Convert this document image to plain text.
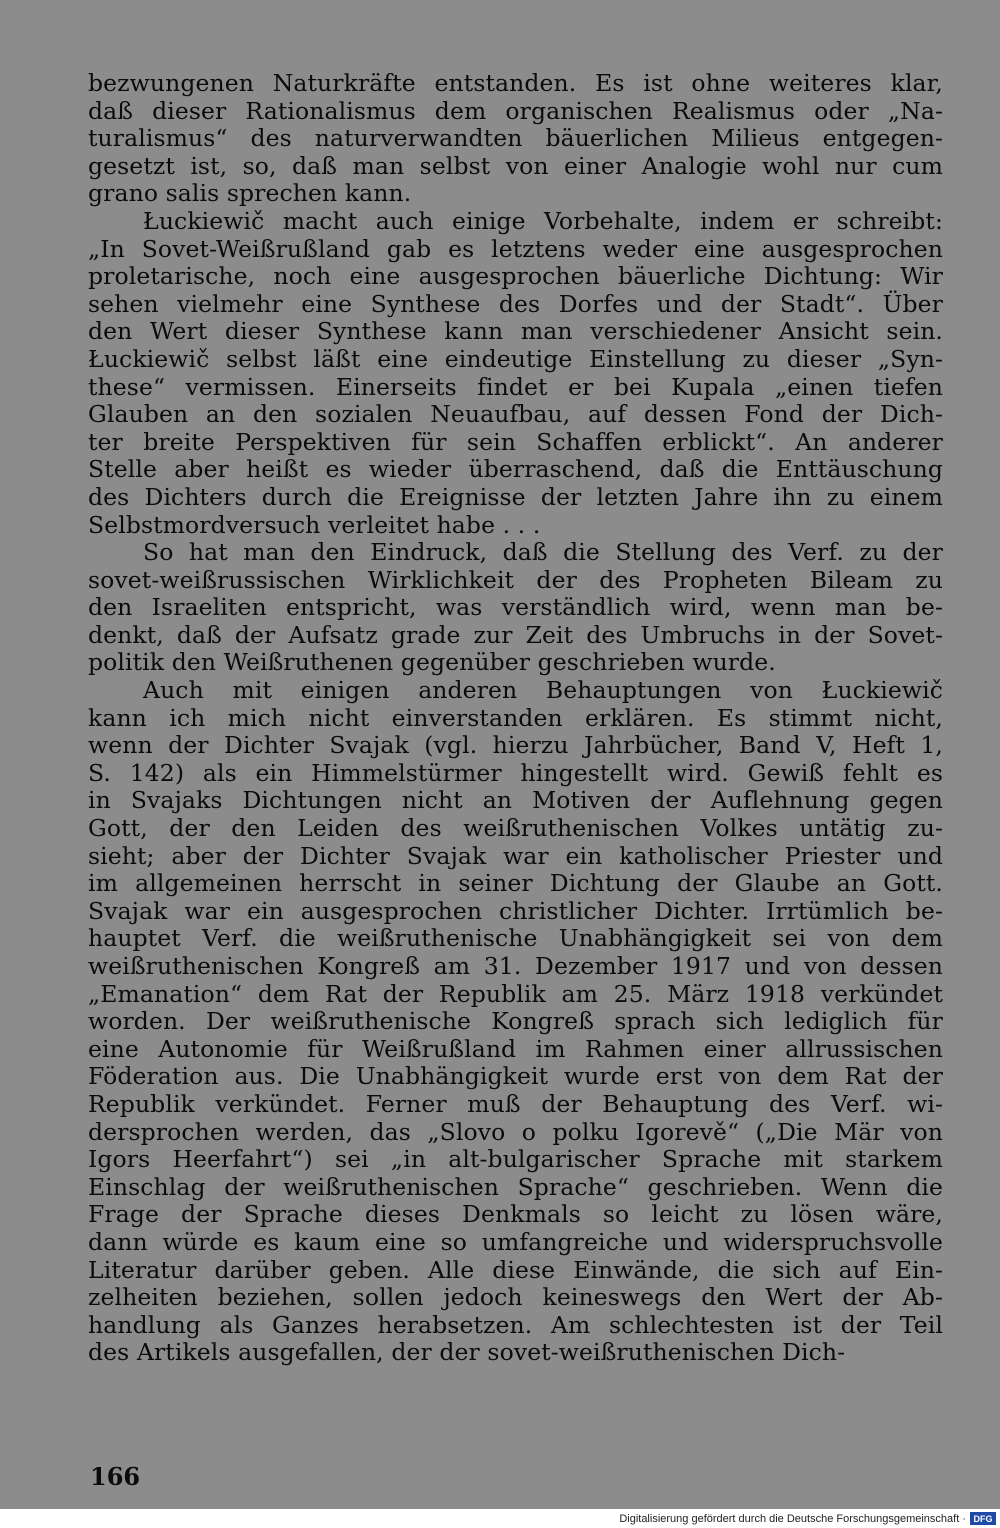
bezwungenen Naturkräfte entstanden. Es ist ohne weiteres klar,
daß dieser Rationalismus dem organischen Realismus oder „Na-
turalismus“ des naturverwandten bäuerlichen Milieus entgegen-
gesetzt ist, so, daß man selbst von einer Analogie wohl nur cum
grano salis sprechen kann.

Łuckiewič macht auch einige Vorbehalte, indem er schreibt:
„In Sovet-Weißrußland gab es letztens weder eine ausgesprochen
proletarische, noch eine ausgesprochen bäuerliche Dichtung: Wir
sehen vielmehr eine Synthese des Dorfes und der Stadt“. Über
den Wert dieser Synthese kann man verschiedener Ansicht sein.
Łuckiewič selbst läßt eine eindeutige Einstellung zu dieser „Syn-
these“ vermissen. Einerseits findet er bei Kupala „einen tiefen
Glauben an den sozialen Neuaufbau, auf dessen Fond der Dich-
ter breite Perspektiven für sein Schaffen erblickt“. An anderer
Stelle aber heißt es wieder überraschend, daß die Enttäuschung
des Dichters durch die Ereignisse der letzten Jahre ihn zu einem
Selbstmordversuch verleitet habe . . .

So hat man den Eindruck, daß die Stellung des Verf. zu der
sovet-weißrussischen Wirklichkeit der des Propheten Bileam zu
den Israeliten entspricht, was verständlich wird, wenn man be-
denkt, daß der Aufsatz grade zur Zeit des Umbruchs in der Sovet-
politik den Weißruthenen gegenüber geschrieben wurde.

Auch mit einigen anderen Behauptungen von Łuckiewič
kann ich mich nicht einverstanden erklären. Es stimmt nicht,
wenn der Dichter Svajak (vgl. hierzu Jahrbücher, Band V, Heft 1,
S. 142) als ein Himmelstürmer hingestellt wird. Gewiß fehlt es
in Svajaks Dichtungen nicht an Motiven der Auflehnung gegen
Gott, der den Leiden des weißruthenischen Volkes untätig zu-
sieht; aber der Dichter Svajak war ein katholischer Priester und
im allgemeinen herrscht in seiner Dichtung der Glaube an Gott.
Svajak war ein ausgesprochen christlicher Dichter. Irrtümlich be-
hauptet Verf. die weißruthenische Unabhängigkeit sei von dem
weißruthenischen Kongreß am 31. Dezember 1917 und von dessen
„Emanation“ dem Rat der Republik am 25. März 1918 verkündet
worden. Der weißruthenische Kongreß sprach sich lediglich für
eine Autonomie für Weißrußland im Rahmen einer allrussischen
Föderation aus. Die Unabhängigkeit wurde erst von dem Rat der
Republik verkündet. Ferner muß der Behauptung des Verf. wi-
dersprochen werden, das „Slovo o polku Igorevě“ („Die Mär von
Igors Heerfahrt“) sei „in alt-bulgarischer Sprache mit starkem
Einschlag der weißruthenischen Sprache“ geschrieben. Wenn die
Frage der Sprache dieses Denkmals so leicht zu lösen wäre,
dann würde es kaum eine so umfangreiche und widerspruchsvolle
Literatur darüber geben. Alle diese Einwände, die sich auf Ein-
zelheiten beziehen, sollen jedoch keineswegs den Wert der Ab-
handlung als Ganzes herabsetzen. Am schlechtesten ist der Teil
des Artikels ausgefallen, der der sovet-weißruthenischen Dich-

166
Digitalisierung gefördert durch die Deutsche Forschungsgemeinschaft · DFG
